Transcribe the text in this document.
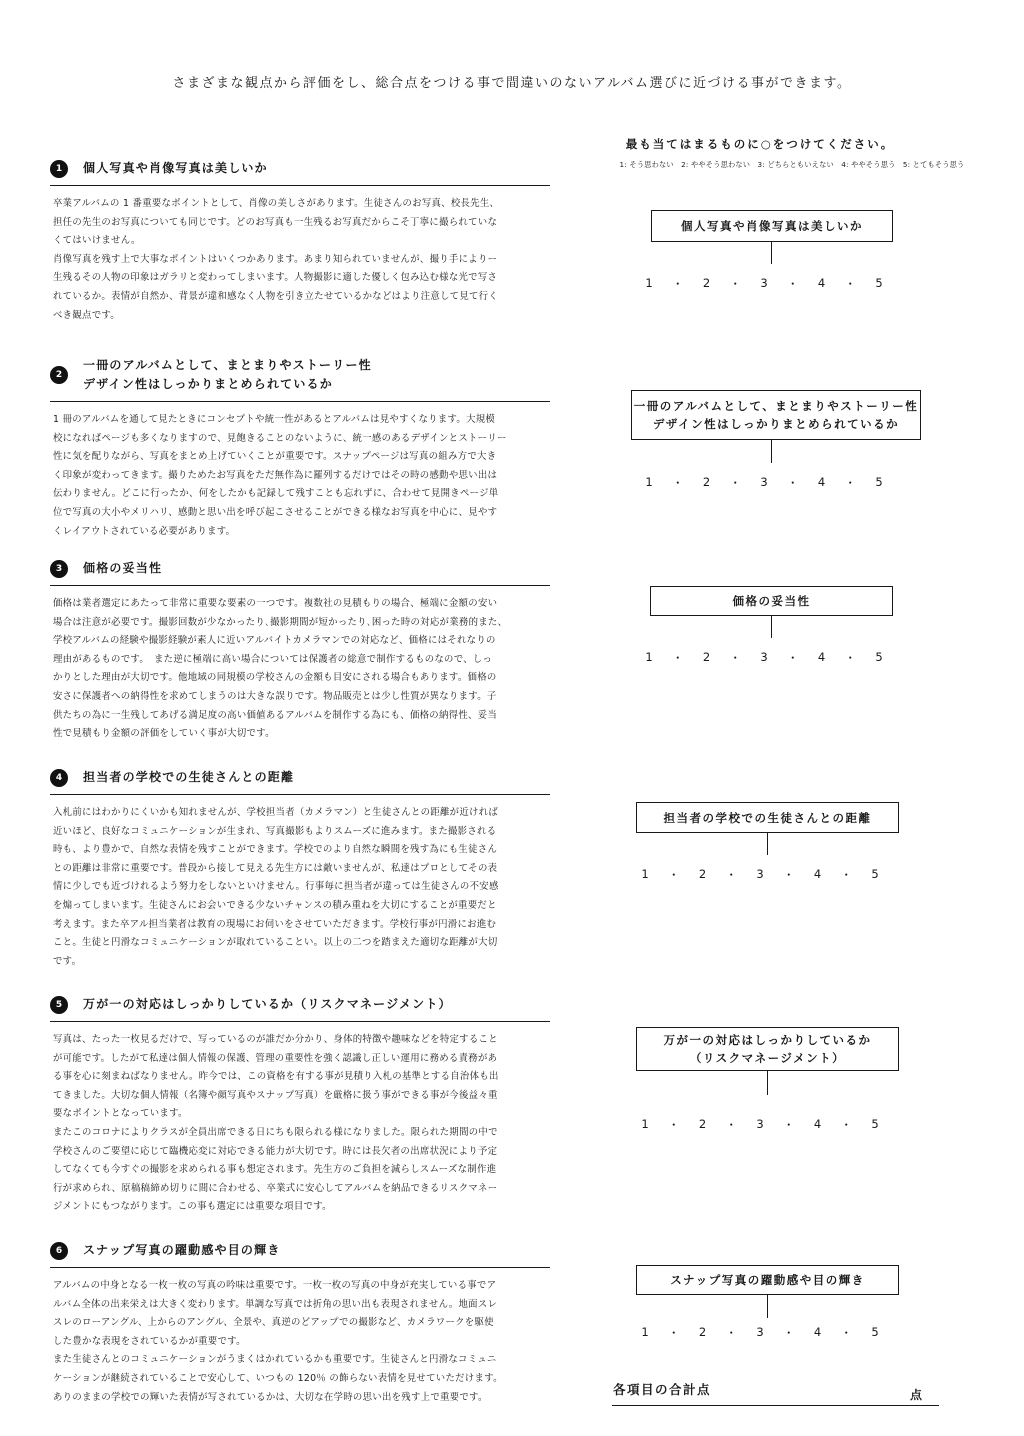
さまざまな観点から評価をし、総合点をつける事で間違いのないアルバム選びに近づける事ができます。
1	個人写真や肖像写真は美しいか
卒業アルバムの 1 番重要なポイントとして、肖像の美しさがあります。生徒さんのお写真、校長先生、
担任の先生のお写真についても同じです。どのお写真も一生残るお写真だからこそ丁寧に撮られていな
くてはいけません。
肖像写真を残す上で大事なポイントはいくつかあります。あまり知られていませんが、撮り手によりー
生残るその人物の印象はガラリと変わってしまいます。人物撮影に適した優しく包み込む様な光で写さ
れているか。表情が自然か、背景が違和感なく人物を引き立たせているかなどはより注意して見て行く
べき観点です。
2
一冊のアルバムとして、まとまりやストーリー性
デザイン性はしっかりまとめられているか
1 冊のアルバムを通して見たときにコンセプトや統一性があるとアルバムは見やすくなります。大規模
校になればページも多くなりますので、見飽きることのないように、統一感のあるデザインとストーリー
性に気を配りながら、写真をまとめ上げていくことが重要です。スナップページは写真の組み方で大き
く印象が変わってきます。撮りためたお写真をただ無作為に羅列するだけではその時の感動や思い出は
伝わりません。どこに行ったか、何をしたかも記録して残すことも忘れずに、合わせて見開きページ単
位で写真の大小やメリハリ、感動と思い出を呼び起こさせることができる様なお写真を中心に、見やす
くレイアウトされている必要があります。
3	価格の妥当性
価格は業者選定にあたって非常に重要な要素の一つです。複数社の見積もりの場合、極端に金額の安い
場合は注意が必要です。撮影回数が少なかったり､撮影期間が短かったり､困った時の対応が業務的また、
学校アルバムの経験や撮影経験が素人に近いアルバイトカメラマンでの対応など、価格にはそれなりの
理由があるものです。　また逆に極端に高い場合については保護者の総意で制作するものなので、しっ
かりとした理由が大切です。他地域の同規模の学校さんの金額も目安にされる場合もあります。価格の
安さに保護者への納得性を求めてしまうのは大きな誤りです。物品販売とは少し性質が異なります。子
供たちの為に一生残してあげる満足度の高い価値あるアルバムを制作する為にも、価格の納得性、妥当
性で見積もり金額の評価をしていく事が大切です。
4	担当者の学校での生徒さんとの距離
入札前にはわかりにくいかも知れませんが、学校担当者（カメラマン）と生徒さんとの距離が近ければ
近いほど、良好なコミュニケーションが生まれ、写真撮影もよりスムーズに進みます。また撮影される
時も、より豊かで、自然な表情を残すことができます。学校でのより自然な瞬間を残す為にも生徒さん
との距離は非常に重要です。普段から接して見える先生方には敵いませんが、私達はプロとしてその表
情に少しでも近づけれるよう努力をしないといけません。行事毎に担当者が違っては生徒さんの不安感
を煽ってしまいます。生徒さんにお会いできる少ないチャンスの積み重ねを大切にすることが重要だと
考えます。また卒アル担当業者は教育の現場にお伺いをさせていただきます。学校行事が円滑にお進む
こと。生徒と円滑なコミュニケーションが取れていることい。以上の二つを踏まえた適切な距離が大切
です。
5	万が一の対応はしっかりしているか（リスクマネージメント）
写真は、たった一枚見るだけで、写っているのが誰だか分かり、身体的特徴や趣味などを特定すること
が可能です。したがて私達は個人情報の保護、管理の重要性を強く認識し正しい運用に務める責務があ
る事を心に刻まねばなりません。昨今では、この資格を有する事が見積り入札の基準とする自治体も出
てきました。大切な個人情報（名簿や顔写真やスナップ写真）を厳格に扱う事ができる事が今後益々重
要なポイントとなっています。
またこのコロナによりクラスが全員出席できる日にちも限られる様になりました。限られた期間の中で
学校さんのご要望に応じて臨機応変に対応できる能力が大切です。時には長欠者の出席状況により予定
してなくても今すぐの撮影を求められる事も想定されます。先生方のご負担を減らしスムーズな制作進
行が求められ、原稿稿締め切りに間に合わせる、卒業式に安心してアルバムを納品できるリスクマネー
ジメントにもつながります。この事も選定には重要な項目です。
6	スナップ写真の躍動感や目の輝き
アルバムの中身となる一枚一枚の写真の吟味は重要です。一枚一枚の写真の中身が充実している事でア
ルバム全体の出来栄えは大きく変わります。単調な写真では折角の思い出も表現されません。地面スレ
スレのローアングル、上からのアングル、全景や、真逆のどアップでの撮影など、カメラワークを駆使
した豊かな表現をされているかが重要です。
また生徒さんとのコミュニケーションがうまくはかれているかも重要です。生徒さんと円滑なコミュニ
ケーションが継続されていることで安心して、いつもの 120％ の飾らない表情を見せていただけます。
ありのままの学校での輝いた表情が写されているかは、大切な在学時の思い出を残す上で重要です。
最も当てはまるものに○をつけてください。
1: そう思わない　2: ややそう思わない　3: どちらともいえない　4: ややそう思う　5: とてもそう思う
個人写真や肖像写真は美しいか
1	・	2	・	3	・	4	・	5
一冊のアルバムとして、まとまりやストーリー性
デザイン性はしっかりまとめられているか
1	・	2	・	3	・	4	・	5
価格の妥当性
1	・	2	・	3	・	4	・	5
担当者の学校での生徒さんとの距離
1	・	2	・	3	・	4	・	5
万が一の対応はしっかりしているか
（リスクマネージメント）
1	・	2	・	3	・	4	・	5
スナップ写真の躍動感や目の輝き
1	・	2	・	3	・	4	・	5
各項目の合計点	点
